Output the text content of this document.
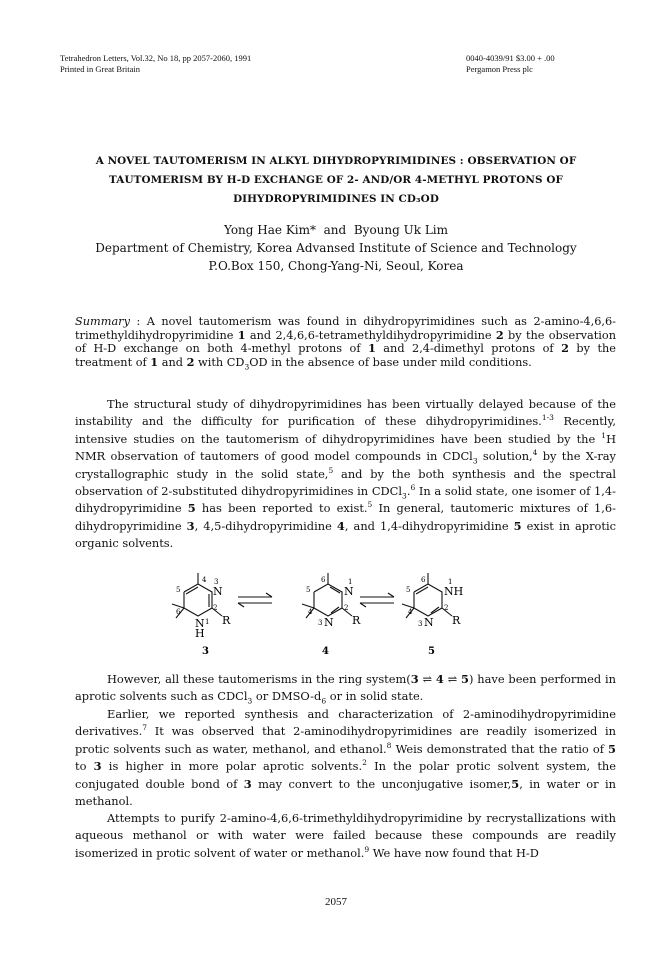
Tetrahedron Letters, Vol.32, No 18, pp 2057-2060, 1991
Printed in Great Britain
0040-4039/91 $3.00 + .00
Pergamon Press plc
A NOVEL TAUTOMERISM IN ALKYL DIHYDROPYRIMIDINES : OBSERVATION OF
TAUTOMERISM BY H-D EXCHANGE OF 2- AND/OR 4-METHYL PROTONS OF
DIHYDROPYRIMIDINES IN CD₃OD
Yong Hae Kim* and Byoung Uk Lim
Department of Chemistry, Korea Advansed Institute of Science and Technology
P.O.Box 150, Chong-Yang-Ni, Seoul, Korea
Summary : A novel tautomerism was found in dihydropyrimidines such as 2-amino-4,6,6-trimethyldihydropyrimidine 1 and 2,4,6,6-tetramethyldihydropyrimidine 2 by the observation of H-D exchange on both 4-methyl protons of 1 and 2,4-dimethyl protons of 2 by the treatment of 1 and 2 with $CD_3OD$ in the absence of base under mild conditions.
The structural study of dihydropyrimidines has been virtually delayed because of the instability and the difficulty for purification of these dihydropyrimidines.$^{1-3}$ Recently, intensive studies on the tautomerism of dihydropyrimidines have been studied by the $^1$H NMR observation of tautomers of good model compounds in CDCl$_3$ solution,$^4$ by the X-ray crystallographic study in the solid state,$^5$ and by the both synthesis and the spectral observation of 2-substituted dihydropyrimidines in CDCl$_3$.$^6$ In a solid state, one isomer of 1,4-dihydropyrimidine 5 has been reported to exist.$^5$ In general, tautomeric mixtures of 1,6-dihydropyrimidine 3, 4,5-dihydropyrimidine 4, and 1,4-dihydropyrimidine 5 exist in aprotic organic solvents.
N
N
H
R
4 3
2
1
5
6
N
N R
6	1
2
3
5
4
NH
N R
6	1
2
3
5
4
3	4	5
However, all these tautomerisms in the ring system(3 ⇌ 4 ⇌ 5) have been performed in aprotic solvents such as CDCl$_3$ or DMSO-$d_6$ or in solid state.
Earlier, we reported synthesis and characterization of 2-aminodihydropyrimidine derivatives.$^7$ It was observed that 2-aminodihydropyrimidines are readily isomerized in protic solvents such as water, methanol, and ethanol.$^8$ Weis demonstrated that the ratio of 5 to 3 is higher in more polar aprotic solvents.$^2$ In the polar protic solvent system, the conjugated double bond of 3 may convert to the unconjugative isomer,5, in water or in methanol.
Attempts to purify 2-amino-4,6,6-trimethyldihydropyrimidine by recrystallizations with aqueous methanol or with water were failed because these compounds are readily isomerized in protic solvent of water or methanol.$^9$ We have now found that H-D
2057
